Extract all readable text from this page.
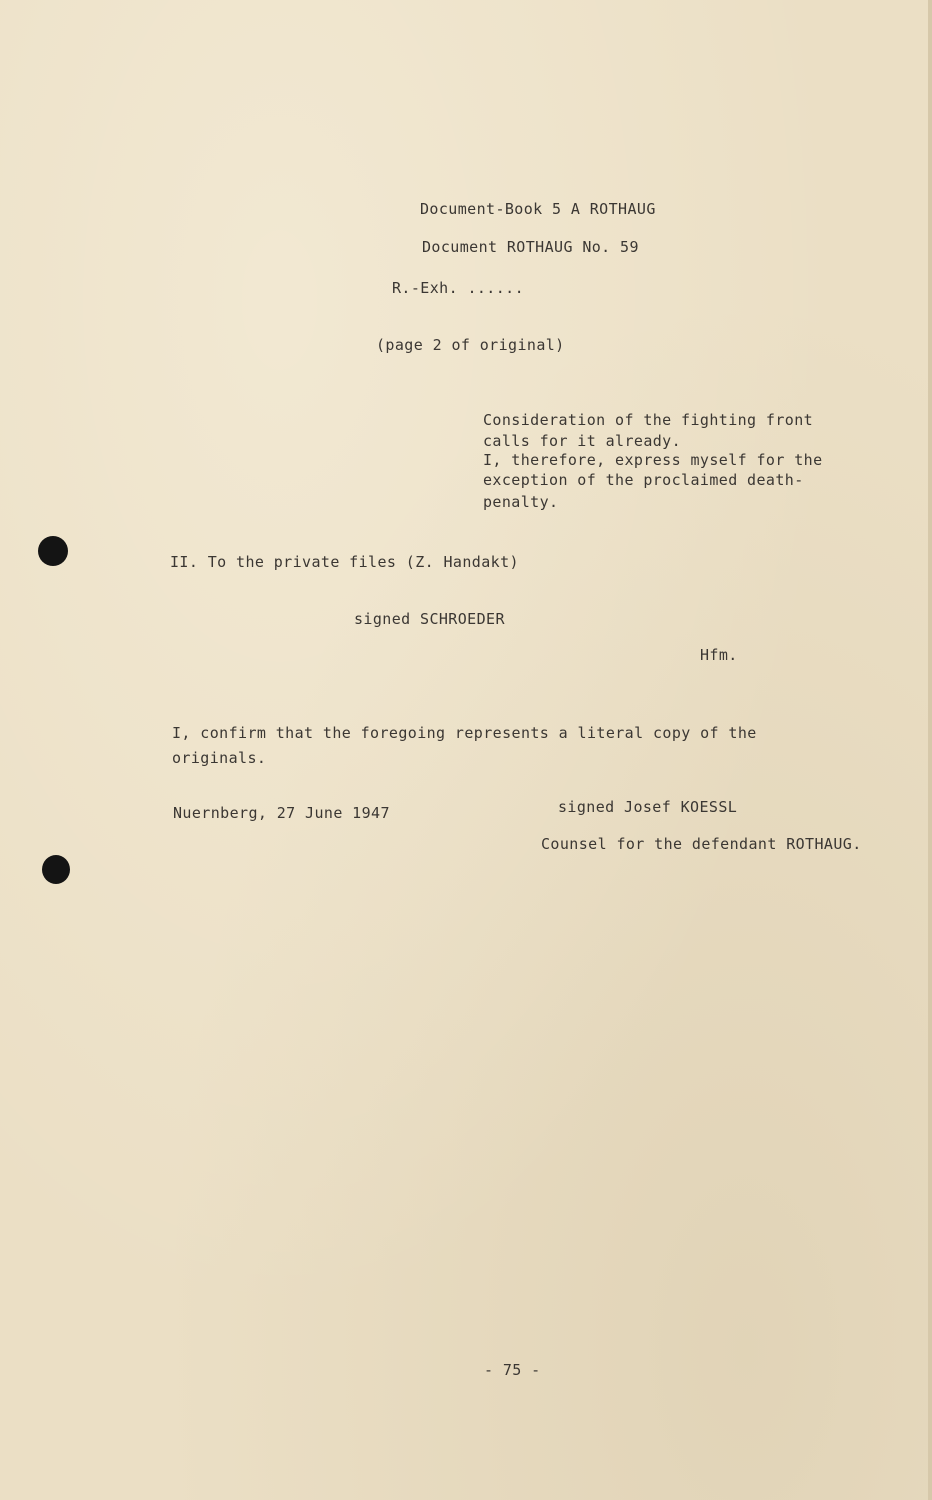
Document-Book 5 A ROTHAUG
Document ROTHAUG No. 59
R.-Exh. ......
(page 2 of original)
Consideration of the fighting front
calls for it already.
I, therefore, express myself for the
exception of the proclaimed death-
penalty.
II. To the private files (Z. Handakt)
signed SCHROEDER
Hfm.
I, confirm that the foregoing represents a literal copy of the
originals.
Nuernberg, 27 June 1947	signed Josef KOESSL
Counsel for the defendant ROTHAUG.
- 75 -
